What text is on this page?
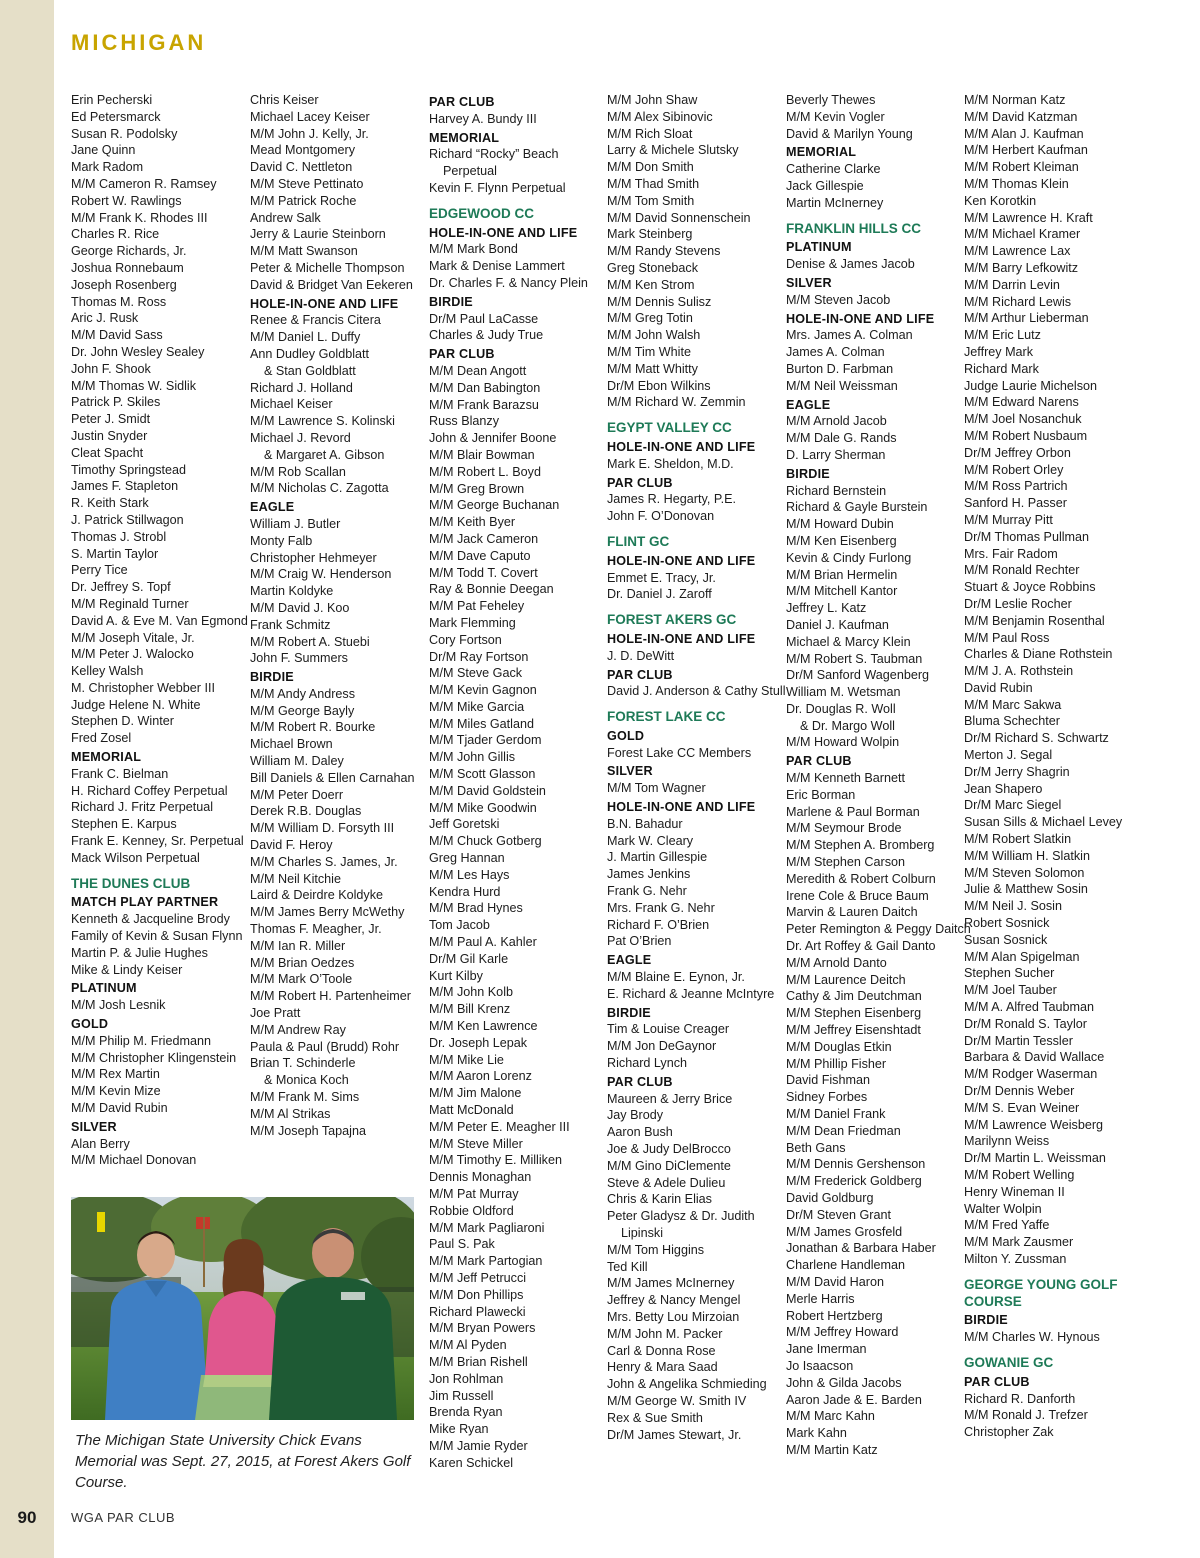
MICHIGAN
Erin Pecherski
Ed Petersmarck
Susan R. Podolsky
Jane Quinn
Mark Radom
M/M Cameron R. Ramsey
Robert W. Rawlings
M/M Frank K. Rhodes III
Charles R. Rice
George Richards, Jr.
Joshua Ronnebaum
Joseph Rosenberg
Thomas M. Ross
Aric J. Rusk
M/M David Sass
Dr. John Wesley Sealey
John F. Shook
M/M Thomas W. Sidlik
Patrick P. Skiles
Peter J. Smidt
Justin Snyder
Cleat Spacht
Timothy Springstead
James F. Stapleton
R. Keith Stark
J. Patrick Stillwagon
Thomas J. Strobl
S. Martin Taylor
Perry Tice
Dr. Jeffrey S. Topf
M/M Reginald Turner
David A. & Eve M. Van Egmond
M/M Joseph Vitale, Jr.
M/M Peter J. Walocko
Kelley Walsh
M. Christopher Webber III
Judge Helene N. White
Stephen D. Winter
Fred Zosel
MEMORIAL
Frank C. Bielman
H. Richard Coffey Perpetual
Richard J. Fritz Perpetual
Stephen E. Karpus
Frank E. Kenney, Sr. Perpetual
Mack Wilson Perpetual
THE DUNES CLUB
MATCH PLAY PARTNER
Kenneth & Jacqueline Brody
Family of Kevin & Susan Flynn
Martin P. & Julie Hughes
Mike & Lindy Keiser
PLATINUM
M/M Josh Lesnik
GOLD
M/M Philip M. Friedmann
M/M Christopher Klingenstein
M/M Rex Martin
M/M Kevin Mize
M/M David Rubin
SILVER
Alan Berry
M/M Michael Donovan
Chris Keiser
Michael Lacey Keiser
M/M John J. Kelly, Jr.
Mead Montgomery
David C. Nettleton
M/M Steve Pettinato
M/M Patrick Roche
Andrew Salk
Jerry & Laurie Steinborn
M/M Matt Swanson
Peter & Michelle Thompson
David & Bridget Van Eekeren
HOLE-IN-ONE AND LIFE
Renee & Francis Citera
M/M Daniel L. Duffy
Ann Dudley Goldblatt
& Stan Goldblatt
Richard J. Holland
Michael Keiser
M/M Lawrence S. Kolinski
Michael J. Revord
& Margaret A. Gibson
M/M Rob Scallan
M/M Nicholas C. Zagotta
EAGLE
William J. Butler
Monty Falb
Christopher Hehmeyer
M/M Craig W. Henderson
Martin Koldyke
M/M David J. Koo
Frank Schmitz
M/M Robert A. Stuebi
John F. Summers
BIRDIE
M/M Andy Andress
M/M George Bayly
M/M Robert R. Bourke
Michael Brown
William M. Daley
Bill Daniels & Ellen Carnahan
M/M Peter Doerr
Derek R.B. Douglas
M/M William D. Forsyth III
David F. Heroy
M/M Charles S. James, Jr.
M/M Neil Kitchie
Laird & Deirdre Koldyke
M/M James Berry McWethy
Thomas F. Meagher, Jr.
M/M Ian R. Miller
M/M Brian Oedzes
M/M Mark O’Toole
M/M Robert H. Partenheimer
Joe Pratt
M/M Andrew Ray
Paula & Paul (Brudd) Rohr
Brian T. Schinderle
& Monica Koch
M/M Frank M. Sims
M/M Al Strikas
M/M Joseph Tapajna
PAR CLUB
Harvey A. Bundy III
MEMORIAL
Richard “Rocky” Beach
Perpetual
Kevin F. Flynn Perpetual
EDGEWOOD CC
HOLE-IN-ONE AND LIFE
M/M Mark Bond
Mark & Denise Lammert
Dr. Charles F. & Nancy Plein
BIRDIE
Dr/M Paul LaCasse
Charles & Judy True
PAR CLUB
M/M Dean Angott
M/M Dan Babington
M/M Frank Barazsu
Russ Blanzy
John & Jennifer Boone
M/M Blair Bowman
M/M Robert L. Boyd
M/M Greg Brown
M/M George Buchanan
M/M Keith Byer
M/M Jack Cameron
M/M Dave Caputo
M/M Todd T. Covert
Ray & Bonnie Deegan
M/M Pat Feheley
Mark Flemming
Cory Fortson
Dr/M Ray Fortson
M/M Steve Gack
M/M Kevin Gagnon
M/M Mike Garcia
M/M Miles Gatland
M/M Tjader Gerdom
M/M John Gillis
M/M Scott Glasson
M/M David Goldstein
M/M Mike Goodwin
Jeff Goretski
M/M Chuck Gotberg
Greg Hannan
M/M Les Hays
Kendra Hurd
M/M Brad Hynes
Tom Jacob
M/M Paul A. Kahler
Dr/M Gil Karle
Kurt Kilby
M/M John Kolb
M/M Bill Krenz
M/M Ken Lawrence
Dr. Joseph Lepak
M/M Mike Lie
M/M Aaron Lorenz
M/M Jim Malone
Matt McDonald
M/M Peter E. Meagher III
M/M Steve Miller
M/M Timothy E. Milliken
Dennis Monaghan
M/M Pat Murray
Robbie Oldford
M/M Mark Pagliaroni
Paul S. Pak
M/M Mark Partogian
M/M Jeff Petrucci
M/M Don Phillips
Richard Plawecki
M/M Bryan Powers
M/M Al Pyden
M/M Brian Rishell
Jon Rohlman
Jim Russell
Brenda Ryan
Mike Ryan
M/M Jamie Ryder
Karen Schickel
M/M John Shaw
M/M Alex Sibinovic
M/M Rich Sloat
Larry & Michele Slutsky
M/M Don Smith
M/M Thad Smith
M/M Tom Smith
M/M David Sonnenschein
Mark Steinberg
M/M Randy Stevens
Greg Stoneback
M/M Ken Strom
M/M Dennis Sulisz
M/M Greg Totin
M/M John Walsh
M/M Tim White
M/M Matt Whitty
Dr/M Ebon Wilkins
M/M Richard W. Zemmin
EGYPT VALLEY CC
HOLE-IN-ONE AND LIFE
Mark E. Sheldon, M.D.
PAR CLUB
James R. Hegarty, P.E.
John F. O’Donovan
FLINT GC
HOLE-IN-ONE AND LIFE
Emmet E. Tracy, Jr.
Dr. Daniel J. Zaroff
FOREST AKERS GC
HOLE-IN-ONE AND LIFE
J. D. DeWitt
PAR CLUB
David J. Anderson & Cathy Stull
FOREST LAKE CC
GOLD
Forest Lake CC Members
SILVER
M/M Tom Wagner
HOLE-IN-ONE AND LIFE
B.N. Bahadur
Mark W. Cleary
J. Martin Gillespie
James Jenkins
Frank G. Nehr
Mrs. Frank G. Nehr
Richard F. O’Brien
Pat O’Brien
EAGLE
M/M Blaine E. Eynon, Jr.
E. Richard & Jeanne McIntyre
BIRDIE
Tim & Louise Creager
M/M Jon DeGaynor
Richard Lynch
PAR CLUB
Maureen & Jerry Brice
Jay Brody
Aaron Bush
Joe & Judy DelBrocco
M/M Gino DiClemente
Steve & Adele Dulieu
Chris & Karin Elias
Peter Gladysz & Dr. Judith
Lipinski
M/M Tom Higgins
Ted Kill
M/M James McInerney
Jeffrey & Nancy Mengel
Mrs. Betty Lou Mirzoian
M/M John M. Packer
Carl & Donna Rose
Henry & Mara Saad
John & Angelika Schmieding
M/M George W. Smith IV
Rex & Sue Smith
Dr/M James Stewart, Jr.
Beverly Thewes
M/M Kevin Vogler
David & Marilyn Young
MEMORIAL
Catherine Clarke
Jack Gillespie
Martin McInerney
FRANKLIN HILLS CC
PLATINUM
Denise & James Jacob
SILVER
M/M Steven Jacob
HOLE-IN-ONE AND LIFE
Mrs. James A. Colman
James A. Colman
Burton D. Farbman
M/M Neil Weissman
EAGLE
M/M Arnold Jacob
M/M Dale G. Rands
D. Larry Sherman
BIRDIE
Richard Bernstein
Richard & Gayle Burstein
M/M Howard Dubin
M/M Ken Eisenberg
Kevin & Cindy Furlong
M/M Brian Hermelin
M/M Mitchell Kantor
Jeffrey L. Katz
Daniel J. Kaufman
Michael & Marcy Klein
M/M Robert S. Taubman
Dr/M Sanford Wagenberg
William M. Wetsman
Dr. Douglas R. Woll
& Dr. Margo Woll
M/M Howard Wolpin
PAR CLUB
M/M Kenneth Barnett
Eric Borman
Marlene & Paul Borman
M/M Seymour Brode
M/M Stephen A. Bromberg
M/M Stephen Carson
Meredith & Robert Colburn
Irene Cole & Bruce Baum
Marvin & Lauren Daitch
Peter Remington & Peggy Daitch
Dr. Art Roffey & Gail Danto
M/M Arnold Danto
M/M Laurence Deitch
Cathy & Jim Deutchman
M/M Stephen Eisenberg
M/M Jeffrey Eisenshtadt
M/M Douglas Etkin
M/M Phillip Fisher
David Fishman
Sidney Forbes
M/M Daniel Frank
M/M Dean Friedman
Beth Gans
M/M Dennis Gershenson
M/M Frederick Goldberg
David Goldburg
Dr/M Steven Grant
M/M James Grosfeld
Jonathan & Barbara Haber
Charlene Handleman
M/M David Haron
Merle Harris
Robert Hertzberg
M/M Jeffrey Howard
Jane Imerman
Jo Isaacson
John & Gilda Jacobs
Aaron Jade & E. Barden
M/M Marc Kahn
Mark Kahn
M/M Martin Katz
M/M Norman Katz
M/M David Katzman
M/M Alan J. Kaufman
M/M Herbert Kaufman
M/M Robert Kleiman
M/M Thomas Klein
Ken Korotkin
M/M Lawrence H. Kraft
M/M Michael Kramer
M/M Lawrence Lax
M/M Barry Lefkowitz
M/M Darrin Levin
M/M Richard Lewis
M/M Arthur Lieberman
M/M Eric Lutz
Jeffrey Mark
Richard Mark
Judge Laurie Michelson
M/M Edward Narens
M/M Joel Nosanchuk
M/M Robert Nusbaum
Dr/M Jeffrey Orbon
M/M Robert Orley
M/M Ross Partrich
Sanford H. Passer
M/M Murray Pitt
Dr/M Thomas Pullman
Mrs. Fair Radom
M/M Ronald Rechter
Stuart & Joyce Robbins
Dr/M Leslie Rocher
M/M Benjamin Rosenthal
M/M Paul Ross
Charles & Diane Rothstein
M/M J. A. Rothstein
David Rubin
M/M Marc Sakwa
Bluma Schechter
Dr/M Richard S. Schwartz
Merton J. Segal
Dr/M Jerry Shagrin
Jean Shapero
Dr/M Marc Siegel
Susan Sills & Michael Levey
M/M Robert Slatkin
M/M William H. Slatkin
M/M Steven Solomon
Julie & Matthew Sosin
M/M Neil J. Sosin
Robert Sosnick
Susan Sosnick
M/M Alan Spigelman
Stephen Sucher
M/M Joel Tauber
M/M A. Alfred Taubman
Dr/M Ronald S. Taylor
Dr/M Martin Tessler
Barbara & David Wallace
M/M Rodger Waserman
Dr/M Dennis Weber
M/M S. Evan Weiner
M/M Lawrence Weisberg
Marilynn Weiss
Dr/M Martin L. Weissman
M/M Robert Welling
Henry Wineman II
Walter Wolpin
M/M Fred Yaffe
M/M Mark Zausmer
Milton Y. Zussman
GEORGE YOUNG GOLF COURSE
BIRDIE
M/M Charles W. Hynous
GOWANIE GC
PAR CLUB
Richard R. Danforth
M/M Ronald J. Trefzer
Christopher Zak
The Michigan State University Chick Evans Memorial was Sept. 27, 2015, at Forest Akers Golf Course.
90	WGA PAR CLUB
